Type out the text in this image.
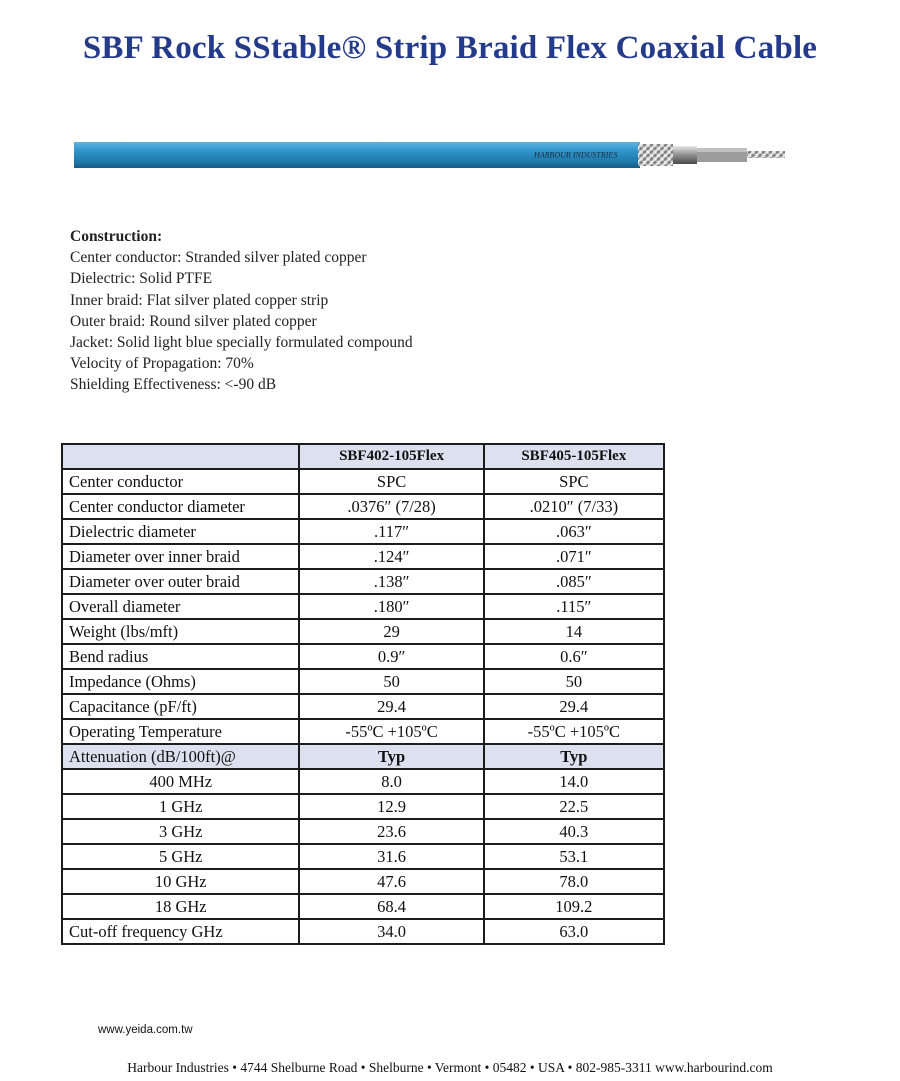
SBF Rock SStable® Strip Braid Flex Coaxial Cable
HARBOUR INDUSTRIES
Construction:
Center conductor: Stranded silver plated copper
Dielectric: Solid PTFE
Inner braid: Flat silver plated copper strip
Outer braid: Round silver plated copper
Jacket: Solid light blue specially formulated compound
Velocity of Propagation: 70%
Shielding Effectiveness: <-90 dB
	SBF402-105Flex	SBF405-105Flex
Center conductor	SPC	SPC
Center conductor diameter	.0376″ (7/28)	.0210″ (7/33)
Dielectric diameter	.117″	.063″
Diameter over inner braid	.124″	.071″
Diameter over outer braid	.138″	.085″
Overall diameter	.180″	.115″
Weight (lbs/mft)	29	14
Bend radius	0.9″	0.6″
Impedance (Ohms)	50	50
Capacitance (pF/ft)	29.4	29.4
Operating Temperature	-55ºC +105ºC	-55ºC +105ºC
Attenuation (dB/100ft)@	Typ	Typ
400 MHz	8.0	14.0
1 GHz	12.9	22.5
3 GHz	23.6	40.3
5 GHz	31.6	53.1
10 GHz	47.6	78.0
18 GHz	68.4	109.2
Cut-off frequency GHz	34.0	63.0
www.yeida.com.tw
Harbour Industries • 4744 Shelburne Road • Shelburne • Vermont • 05482 • USA • 802-985-3311 www.harbourind.com
